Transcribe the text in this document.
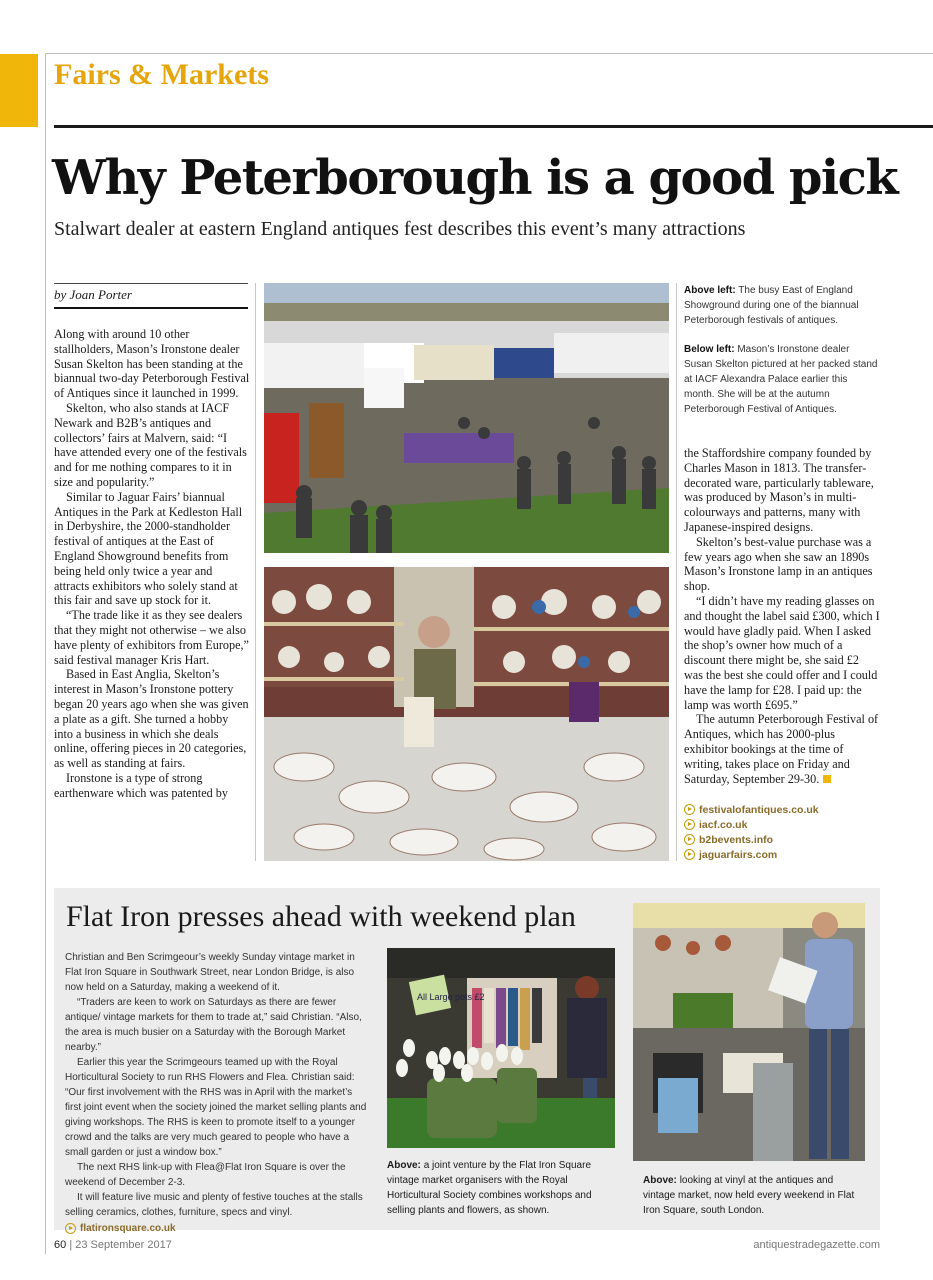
Fairs & Markets
Why Peterborough is a good pick
Stalwart dealer at eastern England antiques fest describes this event’s many attractions
by Joan Porter

Along with around 10 other stallholders, Mason’s Ironstone dealer Susan Skelton has been standing at the biannual two-day Peterborough Festival of Antiques since it launched in 1999.

Skelton, who also stands at IACF Newark and B2B’s antiques and collectors’ fairs at Malvern, said: “I have attended every one of the festivals and for me nothing compares to it in size and popularity.”

Similar to Jaguar Fairs’ biannual Antiques in the Park at Kedleston Hall in Derbyshire, the 2000-standholder festival of antiques at the East of England Showground benefits from being held only twice a year and attracts exhibitors who solely stand at this fair and save up stock for it.

“The trade like it as they see dealers that they might not otherwise – we also have plenty of exhibitors from Europe,” said festival manager Kris Hart.

Based in East Anglia, Skelton’s interest in Mason’s Ironstone pottery began 20 years ago when she was given a plate as a gift. She turned a hobby into a business in which she deals online, offering pieces in 20 categories, as well as standing at fairs.

Ironstone is a type of strong earthenware which was patented by

Above left: The busy East of England Showground during one of the biannual Peterborough festivals of antiques.
Below left: Mason’s Ironstone dealer Susan Skelton pictured at her packed stand at IACF Alexandra Palace earlier this month. She will be at the autumn Peterborough Festival of Antiques.

the Staffordshire company founded by Charles Mason in 1813. The transfer-decorated ware, particularly tableware, was produced by Mason’s in multi-colourways and patterns, many with Japanese-inspired designs.

Skelton’s best-value purchase was a few years ago when she saw an 1890s Mason’s Ironstone lamp in an antiques shop.

“I didn’t have my reading glasses on and thought the label said £300, which I would have gladly paid. When I asked the shop’s owner how much of a discount there might be, she said £2 was the best she could offer and I could have the lamp for £28. I paid up: the lamp was worth £695.”

The autumn Peterborough Festival of Antiques, which has 2000-plus exhibitor bookings at the time of writing, takes place on Friday and Saturday, September 29-30.

festivalofantiques.co.uk
iacf.co.uk
b2bevents.info
jaguarfairs.com
Flat Iron presses ahead with weekend plan

Christian and Ben Scrimgeour’s weekly Sunday vintage market in Flat Iron Square in Southwark Street, near London Bridge, is also now held on a Saturday, making a weekend of it.

“Traders are keen to work on Saturdays as there are fewer antique/ vintage markets for them to trade at,” said Christian. “Also, the area is much busier on a Saturday with the Borough Market nearby.”

Earlier this year the Scrimgeours teamed up with the Royal Horticultural Society to run RHS Flowers and Flea. Christian said: “Our first involvement with the RHS was in April with the market’s first joint event when the society joined the market selling plants and giving workshops. The RHS is keen to promote itself to a younger crowd and the talks are very much geared to people who have a small garden or just a window box.”

The next RHS link-up with Flea@Flat Iron Square is over the weekend of December 2-3.

It will feature live music and plenty of festive touches at the stalls selling ceramics, clothes, furniture, specs and vinyl.

flatironsquare.co.uk
All Large pots £2
Above: a joint venture by the Flat Iron Square vintage market organisers with the Royal Horticultural Society combines workshops and selling plants and flowers, as shown.
Above: looking at vinyl at the antiques and vintage market, now held every weekend in Flat Iron Square, south London.
60 | 23 September 2017	antiquestradegazette.com
